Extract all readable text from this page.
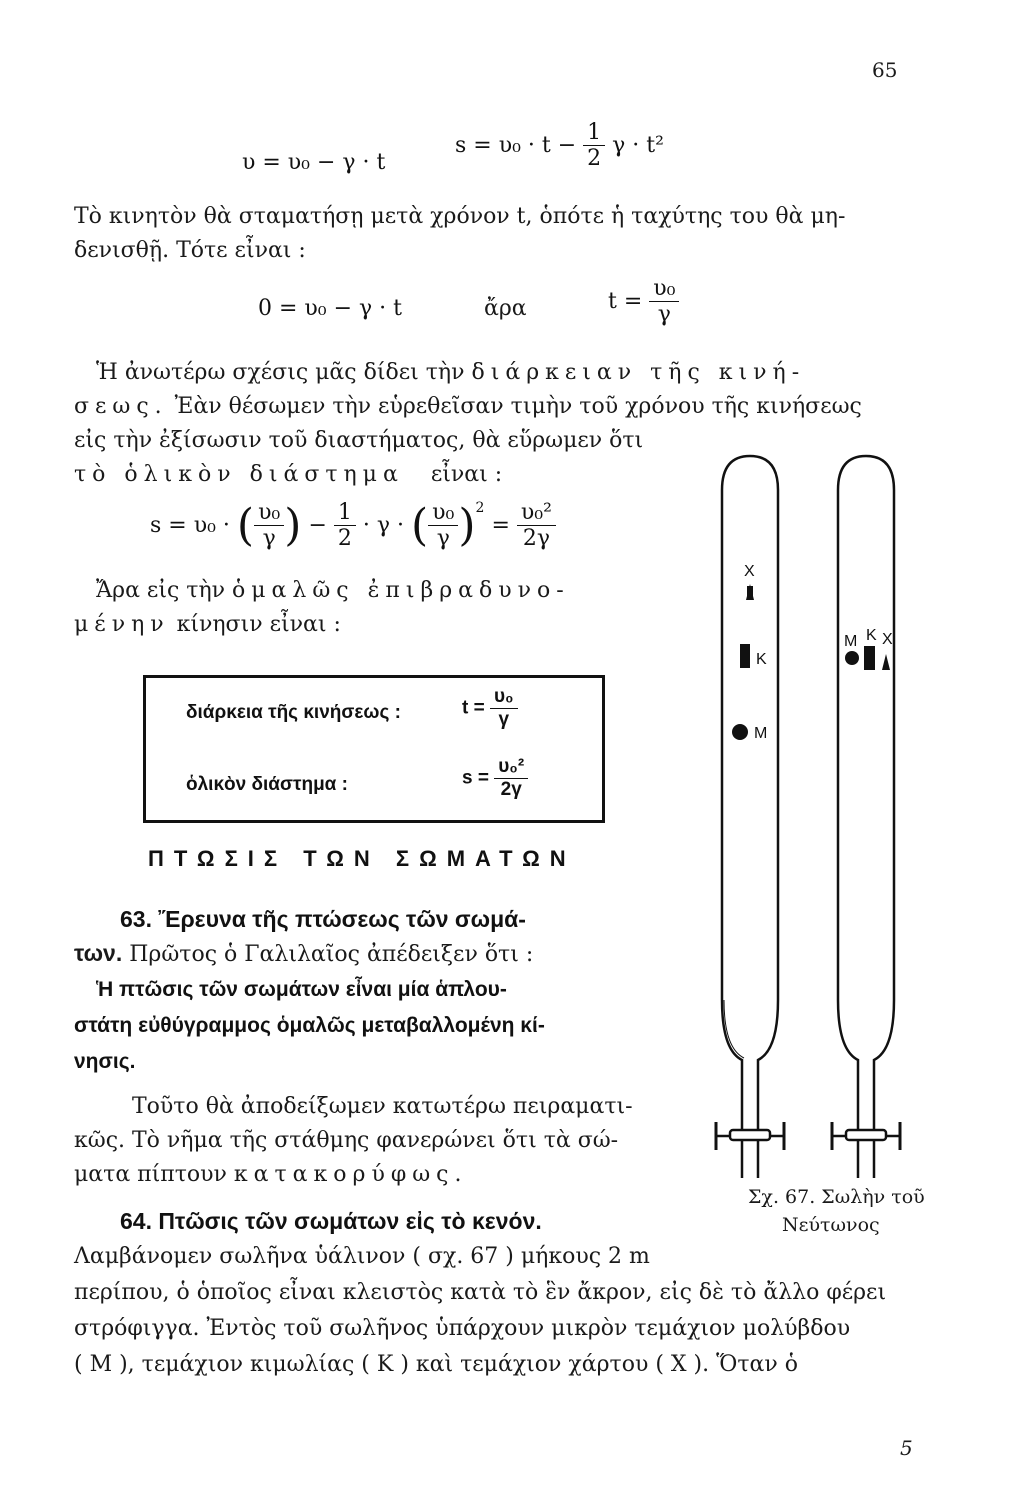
65
υ = υ₀ − γ · t
$s = \upsilon_0 \cdot t - \frac{1}{2}$ γ · t²
Τὸ κινητὸν θὰ σταματήσῃ μετὰ χρόνον t, ὁπότε ἡ ταχύτης του θὰ μη-
δενισθῇ. Τότε εἶναι :
0 = υ₀ − γ · t	ἄρα	$t = \frac{\text{υ₀}}{\gamma}$
Ἡ ἀνωτέρω σχέσις μᾶς δίδει τὴν διάρκειαν τῆς κινή-
σεως. Ἐὰν θέσωμεν τὴν εὑρεθεῖσαν τιμὴν τοῦ χρόνου τῆς κινήσεως
εἰς τὴν ἐξίσωσιν τοῦ διαστήματος, θὰ εὕρωμεν ὅτι
τὸ ὁλικὸν διάστημα εἶναι :
s = υ₀ · ( $\frac{\text{υ₀}}{\gamma}$ ) − $\frac{1}{2} \cdot \gamma$ · ( $\frac{\text{υ₀}}{\gamma} )^2 = \frac{\text{υ₀²}}{2\gamma}$
Ἄρα εἰς τὴν ὁμαλῶς ἐπιβραδυνο-
μένην κίνησιν εἶναι :
διάρκεια τῆς κινήσεως :	$t = \frac{\text{υ₀}}{\gamma}$
ὁλικὸν διάστημα :	$s = \frac{\text{υ₀²}}{2\gamma}$
ΠΤΩΣΙΣ ΤΩΝ ΣΩΜΑΤΩΝ
63. Ἔρευνα τῆς πτώσεως τῶν σωμά-
των. Πρῶτος ὁ Γαλιλαῖος ἀπέδειξεν ὅτι :
Ἡ πτῶσις τῶν σωμάτων εἶναι μία ἁπλου-
στάτη εὐθύγραμμος ὁμαλῶς μεταβαλλομένη κί-
νησις.
Τοῦτο θὰ ἀποδείξωμεν κατωτέρω πειραματι-
κῶς. Τὸ νῆμα τῆς στάθμης φανερώνει ὅτι τὰ σώ-
ματα πίπτουν κατακορύφως.
64. Πτῶσις τῶν σωμάτων εἰς τὸ κενόν.
Λαμβάνομεν σωλῆνα ὑάλινον ( σχ. 67 ) μήκους 2 m
περίπου, ὁ ὁποῖος εἶναι κλειστὸς κατὰ τὸ ἓν ἄκρον, εἰς δὲ τὸ ἄλλο φέρει
στρόφιγγα. Ἐντὸς τοῦ σωλῆνος ὑπάρχουν μικρὸν τεμάχιον μολύβδου
( Μ ), τεμάχιον κιμωλίας ( Κ ) καὶ τεμάχιον χάρτου ( Χ ). Ὅταν ὁ
5
X
K
M
M K X
Σχ. 67. Σωλὴν τοῦ
Νεύτωνος
